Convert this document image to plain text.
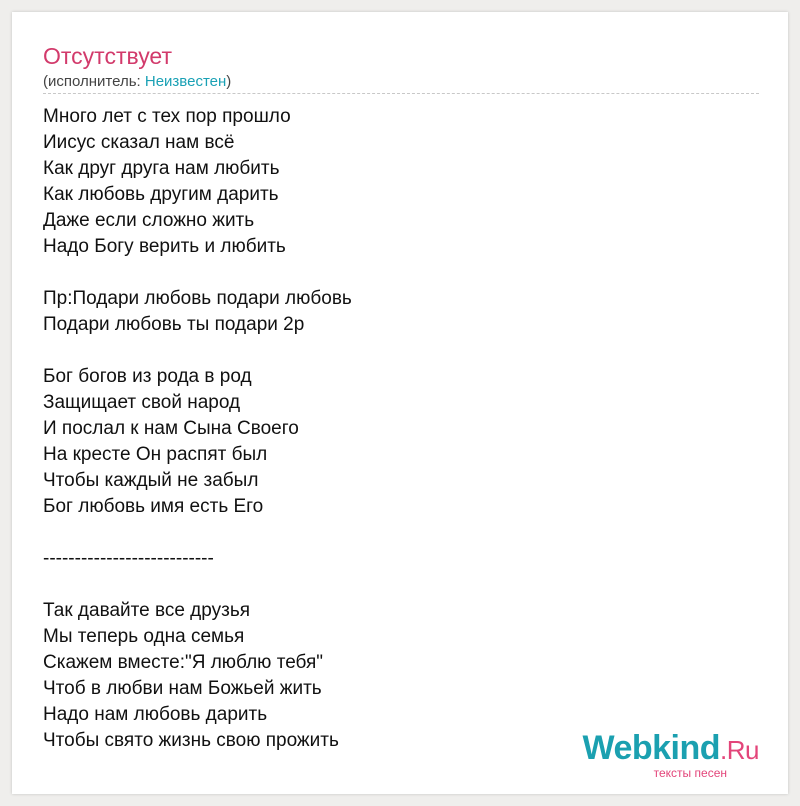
Отсутствует
(исполнитель: Неизвестен)
Много лет с тех пор прошло
Иисус сказал нам всё
Как друг друга нам любить
Как любовь другим дарить
Даже если сложно жить
Надо Богу верить и любить
Пр:Подари любовь подари любовь
Подари любовь ты подари 2р
Бог богов из рода в род
Защищает свой народ
И послал к нам Сына Своего
На кресте Он распят был
Чтобы каждый не забыл
Бог любовь имя есть Его
---------------------------
Так давайте все друзья
Мы теперь одна семья
Скажем вместе:"Я люблю тебя"
Чтоб в любви нам Божьей жить
Надо нам любовь дарить
Чтобы свято жизнь свою прожить	Webkind.Ru
тексты песен
